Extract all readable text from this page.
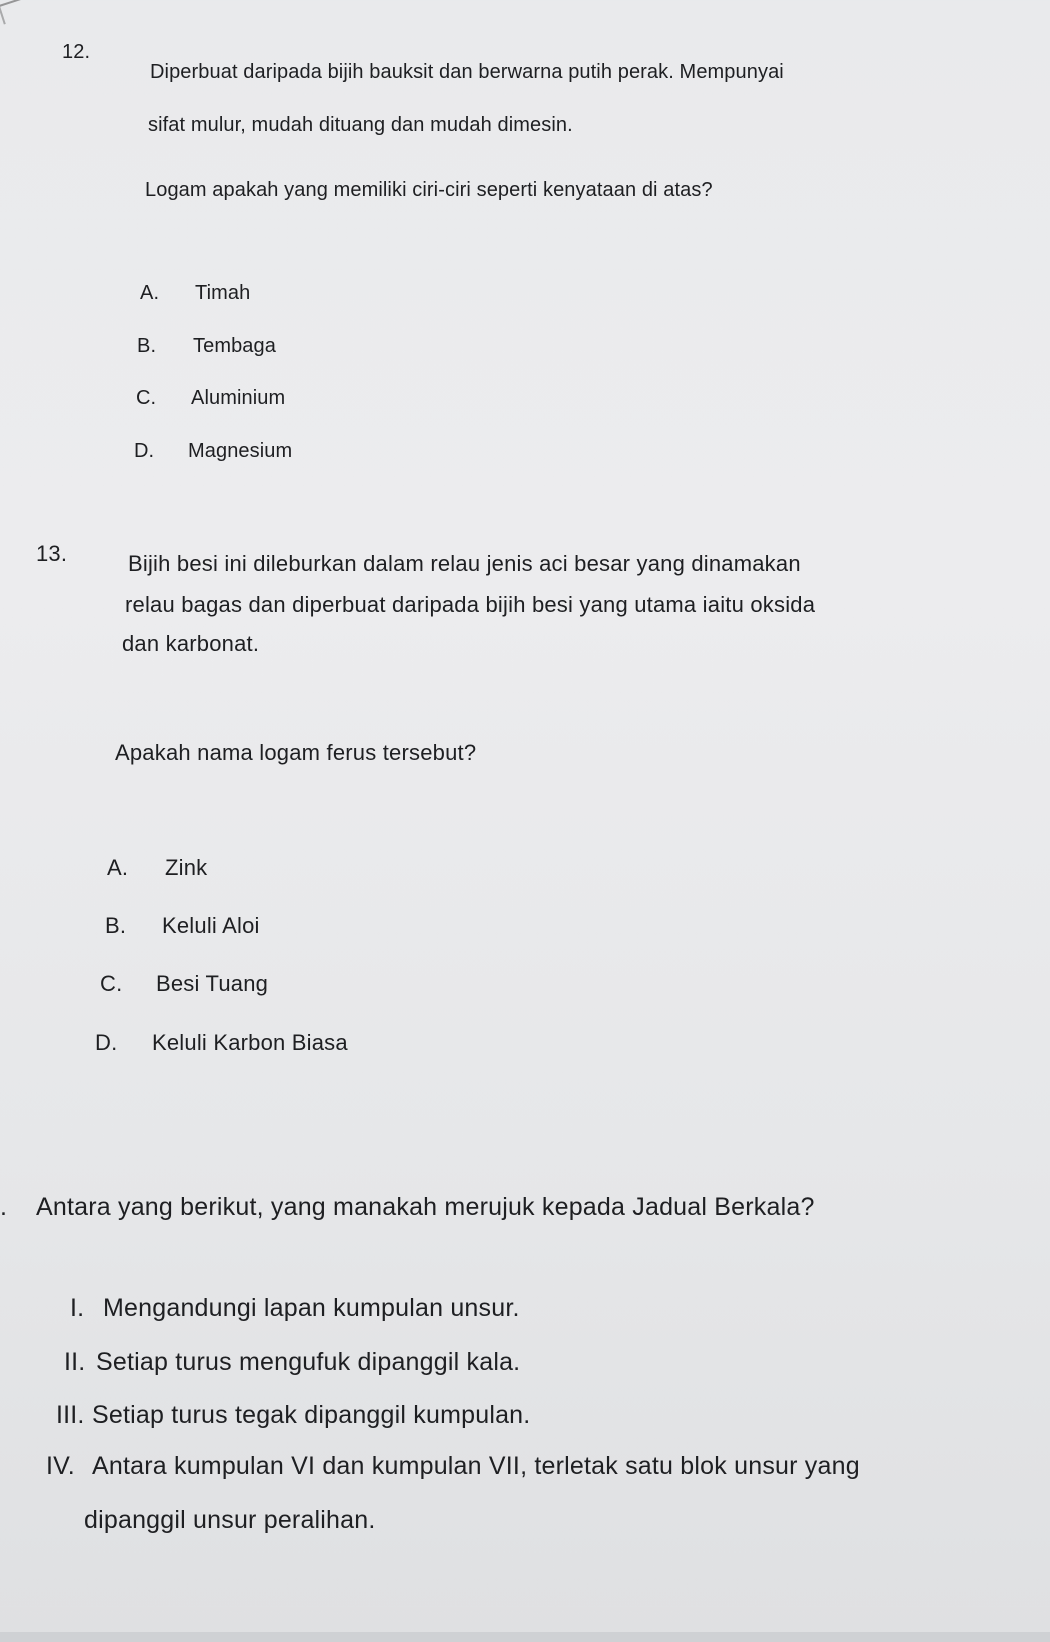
12.
Diperbuat daripada bijih bauksit dan berwarna putih perak. Mempunyai
sifat mulur, mudah dituang dan mudah dimesin.
Logam apakah yang memiliki ciri-ciri seperti kenyataan di atas?
A. Timah
B. Tembaga
C. Aluminium
D. Magnesium
13.	Bijih besi ini dileburkan dalam relau jenis aci besar yang dinamakan
relau bagas dan diperbuat daripada bijih besi yang utama iaitu oksida
dan karbonat.
Apakah nama logam ferus tersebut?
A. Zink
B. Keluli Aloi
C. Besi Tuang
D. Keluli Karbon Biasa
. Antara yang berikut, yang manakah merujuk kepada Jadual Berkala?
I. Mengandungi lapan kumpulan unsur.
II. Setiap turus mengufuk dipanggil kala.
III. Setiap turus tegak dipanggil kumpulan.
IV. Antara kumpulan VI dan kumpulan VII, terletak satu blok unsur yang
dipanggil unsur peralihan.
